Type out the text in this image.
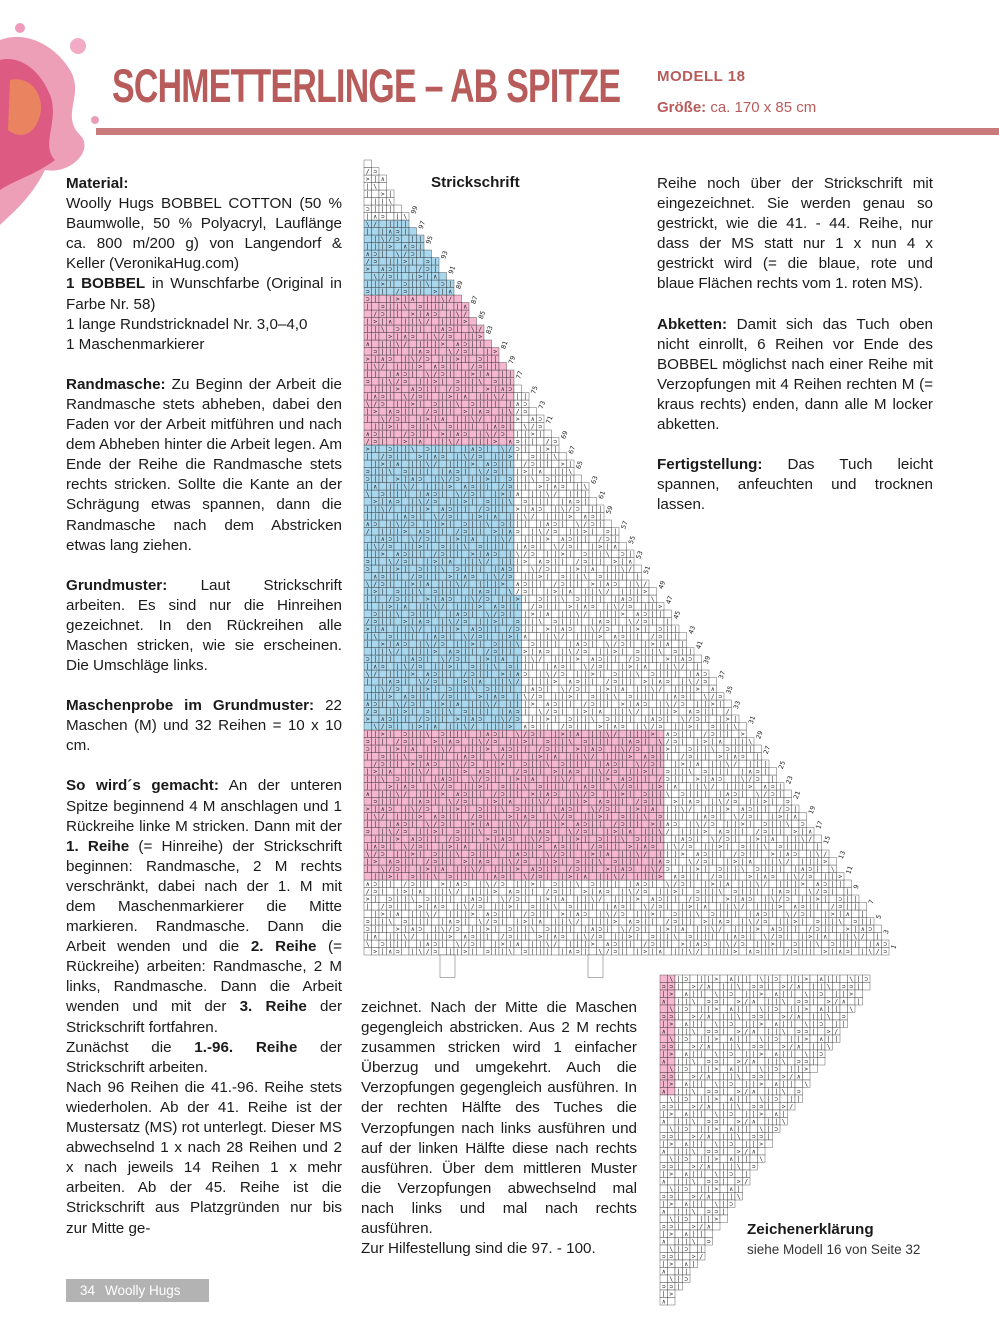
SCHMETTERLINGE – AB SPITZE MODELL 18
Größe: ca. 170 x 85 cm

Material:
Woolly Hugs BOBBEL COTTON (50 % Baumwolle, 50 % Polyacryl, Lauflänge ca. 800 m/200 g) von Langendorf & Keller (VeronikaHug.com)
1 BOBBEL in Wunschfarbe (Original in Farbe Nr. 58)
1 lange Rundstricknadel Nr. 3,0–4,0
1 Maschenmarkierer

Randmasche: Zu Beginn der Arbeit die Randmasche stets abheben, dabei den Faden vor der Arbeit mitführen und nach dem Abheben hinter die Arbeit legen. Am Ende der Reihe die Randmasche stets rechts stricken. Sollte die Kante an der Schrägung etwas spannen, dann die Randmasche nach dem Abstricken etwas lang ziehen.

Grundmuster: Laut Strickschrift arbeiten. Es sind nur die Hinreihen gezeichnet. In den Rückreihen alle Maschen stricken, wie sie erscheinen. Die Umschläge links.

Maschenprobe im Grundmuster: 22 Maschen (M) und 32 Reihen = 10 x 10 cm.

So wird´s gemacht: An der unteren Spitze beginnend 4 M anschlagen und 1 Rückreihe linke M stricken. Dann mit der 1. Reihe (= Hinreihe) der Strickschrift beginnen: Randmasche, 2 M rechts verschränkt, dabei nach der 1. M mit dem Maschenmarkierer die Mitte markieren. Randmasche. Dann die Arbeit wenden und die 2. Reihe (= Rückreihe) arbeiten: Randmasche, 2 M links, Randmasche. Dann die Arbeit wenden und mit der 3. Reihe der Strickschrift fortfahren.

Zunächst die 1.-96. Reihe der Strickschrift arbeiten.

Nach 96 Reihen die 41.-96. Reihe stets wiederholen. Ab der 41. Reihe ist der Mustersatz (MS) rot unterlegt. Dieser MS abwechselnd 1 x nach 28 Reihen und 2 x nach jeweils 14 Reihen 1 x mehr arbeiten. Ab der 45. Reihe ist die Strickschrift aus Platzgründen nur bis zur Mitte ge-

Strickschrift
> | ∧ ⊃ | \ / ⊃ | | > | ⊃ | | \ ⊃ | | | | ∧ ⊃ | \ / ⊃ | | > | ∧ | | \ / | | | > ∧ ⊃ | | / ⊃ | | > | ∧ ⊃ | \ / ⊃
\ ⊃ | | | | ∧ ⊃ | \ / ⊃ | | > | ∧ | | \ / | | | > ∧ ⊃ | | / ⊃ | | > | ∧ ⊃ | \ / ⊃ | | > | ⊃ | | \ ⊃ | | | | ∧ ⊃
| ∧ | | \ / | | | > ∧ ⊃ | | / ⊃ | | > | ∧ ⊃ | \ / ⊃ | | > | ⊃ | | \ ⊃ | | | | ∧ ⊃ | \ / ⊃ | | > | ∧ | | \ / |
⊃ | | > | ∧ ⊃ | \ / ⊃ | | > | ⊃ | | \ ⊃ | | | | ∧ ⊃ | \ / ⊃ | | > | ∧ | | \ / | | | > ∧ ⊃ | | / ⊃ | | > | ∧ ⊃
⊃ | | \ ⊃ | | | | ∧ ⊃ | \ / ⊃ | | > | ∧ | | \ / | | | > ∧ ⊃ | | / ⊃ | | > | ∧ ⊃ | \ / ⊃ | | > | ⊃ | | \ ⊃ | |
| > | ∧ | | \ / | | | > ∧ ⊃ | | / ⊃ | | > | ∧ ⊃ | \ / ⊃ | | > | ⊃ | | \ ⊃ | | | | ∧ ⊃ | \ / ⊃ | | > | ∧ |
| / ⊃ | | > | ∧ ⊃ | \ / ⊃ | | > | ⊃ | | \ ⊃ | | | | ∧ ⊃ | \ / ⊃ | | > | ∧ | | \ / | | | > ∧ ⊃ | | / ⊃ | |
> | ⊃ | | \ ⊃ | | | | ∧ ⊃ | \ / ⊃ | | > | ∧ | | \ / | | | > ∧ ⊃ | | / ⊃ | | > | ∧ ⊃ | \ / ⊃ | | > | ⊃ | |
/ ⊃ | | > | ∧ | | \ / | | | > ∧ ⊃ | | / ⊃ | | > | ∧ ⊃ | \ / ⊃ | | > | ⊃ | | \ ⊃ | | | | ∧ ⊃ | \ / ⊃ | |
∧ ⊃ | | / ⊃ | | > | ∧ ⊃ | \ / ⊃ | | > | ⊃ | | \ ⊃ | | | | ∧ ⊃ | \ / ⊃ | | > | ∧ | | \ / | | | > ∧ ⊃ | |
| | > | ⊃ | | \ ⊃ | | | | ∧ ⊃ | \ / ⊃ | | > | ∧ | | \ / | | | > ∧ ⊃ | | / ⊃ | | > | ∧ ⊃ | \ / ⊃ | | >
| \ / ⊃ | | > | ∧ | | \ / | | | > ∧ ⊃ | | / ⊃ | | > | ∧ ⊃ | \ / ⊃ | | > | ⊃ | | \ ⊃ | | | | ∧ ⊃ | \
| > ∧ ⊃ | | / ⊃ | | > | ∧ ⊃ | \ / ⊃ | | > | ⊃ | | \ ⊃ | | | | ∧ ⊃ | \ / ⊃ | | > | ∧ | | \ / | | | >
\ / ⊃ | | > | ⊃ | | \ ⊃ | | | | ∧ ⊃ | \ / ⊃ | | > | ∧ | | \ / | | | > ∧ ⊃ | | / ⊃ | | > | ∧ ⊃ | \ /
| ∧ ⊃ | \ / ⊃ | | > | ∧ | | \ / | | | > ∧ ⊃ | | / ⊃ | | > | ∧ ⊃ | \ / ⊃ | | > | ⊃ | | \ ⊃ | | | |
| | | > ∧ ⊃ | | / ⊃ | | > | ∧ ⊃ | \ / ⊃ | | > | ⊃ | | \ ⊃ | | | | ∧ ⊃ | \ / ⊃ | | > | ∧ | | \ /
⊃ | \ / ⊃ | | > | ⊃ | | \ ⊃ | | | | ∧ ⊃ | \ / ⊃ | | > | ∧ | | \ / | | | > ∧ ⊃ | | / ⊃ | | > | ∧
| | | ∧ ⊃ | \ / ⊃ | | > | ∧ | | \ / | | | > ∧ ⊃ | | / ⊃ | | > | ∧ ⊃ | \ / ⊃ | | > | ⊃ | | \ ⊃
| \ / | | | > ∧ ⊃ | | / ⊃ | | > | ∧ ⊃ | \ / ⊃ | | > | ⊃ | | \ ⊃ | | | | ∧ ⊃ | \ / ⊃ | | > | ∧
> | ∧ ⊃ | \ / ⊃ | | > | ⊃ | | \ ⊃ | | | | ∧ ⊃ | \ / ⊃ | | > | ∧ | | \ / | | | > ∧ ⊃ | | / ⊃ |
⊃ | | | | ∧ ⊃ | \ / ⊃ | | > | ∧ | | \ / | | | > ∧ ⊃ | | / ⊃ | | > | ∧ ⊃ | \ / ⊃ | | > | ⊃
∧ | | \ / | | | > ∧ ⊃ | | / ⊃ | | > | ∧ ⊃ | \ / ⊃ | | > | ⊃ | | \ ⊃ | | | | ∧ ⊃ | \ / ⊃ |
| | > | ∧ ⊃ | \ / ⊃ | | > | ⊃ | | \ ⊃ | | | | ∧ ⊃ | \ / ⊃ | | > | ∧ | | \ / | | | > ∧ ⊃ |
| | \ ⊃ | | | | ∧ ⊃ | \ / ⊃ | | > | ∧ | | \ / | | | > ∧ ⊃ | | / ⊃ | | > | ∧ ⊃ | \ / ⊃ |
| > | ∧ | | \ / | | | > ∧ ⊃ | | / ⊃ | | > | ∧ ⊃ | \ / ⊃ | | > | ⊃ | | \ ⊃ | | | | ∧ ⊃ |
/ ⊃ | | > | ∧ ⊃ | \ / ⊃ | | > | ⊃ | | \ ⊃ | | | | ∧ ⊃ | \ / ⊃ | | > | ∧ | | \ / | | |
| ⊃ | | \ ⊃ | | | | ∧ ⊃ | \ / ⊃ | | > | ∧ | | \ / | | | > ∧ ⊃ | | / ⊃ | | > | ∧ ⊃ |
⊃ | | > | ∧ | | \ / | | | > ∧ ⊃ | | / ⊃ | | > | ∧ ⊃ | \ / ⊃ | | > | ⊃ | | \ ⊃ | | |
⊃ | | / ⊃ | | > | ∧ ⊃ | \ / ⊃ | | > | ⊃ | | \ ⊃ | | | | ∧ ⊃ | \ / ⊃ | | > | ∧ | | \
| | > | ⊃ | | \ ⊃ | | | | ∧ ⊃ | \ / ⊃ | | > | ∧ | | \ / | | | > ∧ ⊃ | | / ⊃ | | >
\ / ⊃ | | > | ∧ | | \ / | | | > ∧ ⊃ | | / ⊃ | | > | ∧ ⊃ | \ / ⊃ | | > | ⊃ | | \
> ∧ ⊃ | | / ⊃ | | > | ∧ ⊃ | \ / ⊃ | | > | ⊃ | | \ ⊃ | | | | ∧ ⊃ | \ / ⊃ | | > |
/ ⊃ | | > | ⊃ | | \ ⊃ | | | | ∧ ⊃ | \ / ⊃ | | > | ∧ | | \ / | | | > ∧ ⊃ | | /
∧ ⊃ | \ / ⊃ | | > | ∧ | | \ / | | | > ∧ ⊃ | | / ⊃ | | > | ∧ ⊃ | \ / ⊃ | | > |
| | | > ∧ ⊃ | | / ⊃ | | > | ∧ ⊃ | \ / ⊃ | | > | ⊃ | | \ ⊃ | | | | ∧ ⊃ | \ / ⊃
| \ / ⊃ | | > | ⊃ | | \ ⊃ | | | | ∧ ⊃ | \ / ⊃ | | > | ∧ | | \ / | | | > ∧
| | ∧ ⊃ | \ / ⊃ | | > | ∧ | | \ / | | | > ∧ ⊃ | | / ⊃ | | > | ∧ ⊃ | \ / ⊃
\ / | | | > ∧ ⊃ | | / ⊃ | | > | ∧ ⊃ | \ / ⊃ | | > | ⊃ | | \ ⊃ | | | | ∧ ⊃
| ∧ ⊃ | \ / ⊃ | | > | ⊃ | | \ ⊃ | | | | ∧ ⊃ | \ / ⊃ | | > | ∧ | | \ / |
⊃ | | | | ∧ ⊃ | \ / ⊃ | | > | ∧ | | \ / | | | > ∧ ⊃ | | / ⊃ | | > | ∧ ⊃
| | \ / | | | > ∧ ⊃ | | / ⊃ | | > | ∧ ⊃ | \ / ⊃ | | > | ⊃ | | \ ⊃ | |
| > | ∧ ⊃ | \ / ⊃ | | > | ⊃ | | \ ⊃ | | | | ∧ ⊃ | \ / ⊃ | | > | ∧ |
| \ ⊃ | | | | ∧ ⊃ | \ / ⊃ | | > | ∧ | | \ / | | | > ∧ ⊃ | | / ⊃ | |
> | ∧ | | \ / | | | > ∧ ⊃ | | / ⊃ | | > | ∧ ⊃ | \ / ⊃ | | > | ⊃ | |
/ ⊃ | | > | ∧ ⊃ | \ / ⊃ | | > | ⊃ | | \ ⊃ | | | | ∧ ⊃ | \ / ⊃ | |
⊃ | | \ ⊃ | | | | ∧ ⊃ | \ / ⊃ | | > | ∧ | | \ / | | | > ∧ ⊃ | |
| | > | ∧ | | \ / | | | > ∧ ⊃ | | / ⊃ | | > | ∧ ⊃ | \ / ⊃ | | >
| | / ⊃ | | > | ∧ ⊃ | \ / ⊃ | | > | ⊃ | | \ ⊃ | | | | ∧ ⊃ | \
| > | ⊃ | | \ ⊃ | | | | ∧ ⊃ | \ / ⊃ | | > | ∧ | | \ / | | | >
\ / ⊃ | | > | ∧ | | \ / | | | > ∧ ⊃ | | / ⊃ | | > | ∧ ⊃ | \ /
∧ ⊃ | | / ⊃ | | > | ∧ ⊃ | \ / ⊃ | | > | ⊃ | | \ ⊃ | | | |
⊃ | | > | ⊃ | | \ ⊃ | | | | ∧ ⊃ | \ / ⊃ | | > | ∧ | | \ /
⊃ | \ / ⊃ | | > | ∧ | | \ / | | | > ∧ ⊃ | | / ⊃ | | > | ∧
| | > ∧ ⊃ | | / ⊃ | | > | ∧ ⊃ | \ / ⊃ | | > | ⊃ | | \ ⊃ |
| \ / ⊃ | | > | ⊃ | | \ ⊃ | | | | ∧ ⊃ | \ / ⊃ | | > | ∧
| ∧ ⊃ | \ / ⊃ | | > | ∧ | | \ / | | | > ∧ ⊃ | | / ⊃ |
/ | | | > ∧ ⊃ | | / ⊃ | | > | ∧ ⊃ | \ / ⊃ | | > | ⊃ |
∧ ⊃ | \ / ⊃ | | > | ⊃ | | \ ⊃ | | | | ∧ ⊃ | \ / ⊃ |
| | | | ∧ ⊃ | \ / ⊃ | | > | ∧ | | \ / | | | > ∧ ⊃ |
| | \ / | | | > ∧ ⊃ | | / ⊃ | | > | ∧ ⊃ | \ / ⊃ | |
> | ∧ ⊃ | \ / ⊃ | | > | ⊃ | | \ ⊃ | | | | ∧ ⊃ |
\ ⊃ | | | | ∧ ⊃ | \ / ⊃ | | > | ∧ | | \ / | | |
| ∧ | | \ / | | | > ∧ ⊃ | | / ⊃ | | > | ∧ ⊃ | \
⊃ | | > | ∧ ⊃ | \ / ⊃ | | > | ⊃ | | \ ⊃ | | |
⊃ | | \ ⊃ | | | | ∧ ⊃ | \ / ⊃ | | > | ∧ | | \
| > | ∧ | | \ / | | | > ∧ ⊃ | | / ⊃ | | > |
| / ⊃ | | > | ∧ ⊃ | \ / ⊃ | | > | ⊃ | | \
> | ⊃ | | \ ⊃ | | | | ∧ ⊃ | \ / ⊃ | | > |
/ ⊃ | | > | ∧ | | \ / | | | > ∧ ⊃ | | / ⊃
∧ ⊃ | | / ⊃ | | > | ∧ ⊃ | \ / ⊃ | | > |
| | > | ⊃ | | \ ⊃ | | | | ∧ ⊃ | \ / ⊃
| \ / ⊃ | | > | ∧ | | \ / | | | > ∧ ⊃
| > ∧ ⊃ | | / ⊃ | | > | ∧ ⊃ | \ / ⊃
\ / ⊃ | | > | ⊃ | | \ ⊃ | | | | ∧ ⊃
| ∧ ⊃ | \ / ⊃ | | > | ∧ | | \ / | |
| | | > ∧ ⊃ | | / ⊃ | | > | ∧ ⊃
⊃ | \ / ⊃ | | > | ⊃ | | \ ⊃ | |
| | | ∧ ⊃ | \ / ⊃ | | > | ∧ | |
| \ / | | | > ∧ ⊃ | | / ⊃ | |
> | ∧ ⊃ | \ / ⊃ | | > | ⊃ | |
⊃ | | | | ∧ ⊃ | \ / ⊃ | | >
∧ | | \ / | | | > ∧ ⊃ | |
| | > | ∧ ⊃ | \ / ⊃ | | >
| | \ ⊃ | | | | ∧ ⊃ | \ /
| > | ∧ | | \ / | | | >
/ ⊃ | | > | ∧ ⊃ | \ /
| ⊃ | | \ ⊃ | | | | ∧
⊃ | | > | ∧ | | \ /
⊃ | | / ⊃ | | > | ∧
| | > | ⊃ | | \ ⊃ |
\ / ⊃ | | > | ∧
> ∧ ⊃ | | / ⊃ |
/ ⊃ | | > | ⊃ |
∧ ⊃ | \ / ⊃ |
| | | > ∧ ⊃ |
| \ / ⊃ | |
| | ∧ ⊃ |
\ / | | |
| ∧ ⊃ | \
⊃ | | |
| | \
| > |
| \
> | ∧
/ ⊃
\ | ⊃ | | > ∧ | | \ | ⊃ | | > ∧ | | \ | ⊃
⊃ ⊃ | > / ∧ | | \ ⊃ ⊃ | > / ∧ | | \ ⊃ ⊃ |
| > ∧ | | \ | ⊃ | | > ∧ | | \ | ⊃ | | >
∧ | | \ ⊃ ⊃ | > / ∧ | | \ ⊃ ⊃ | > / ∧ |
\ | ⊃ | | > ∧ | | \ | ⊃ | | > ∧ | | \
⊃ ⊃ | > / ∧ | | \ ⊃ ⊃ | > / ∧ | | \ ⊃
| > ∧ | | \ | ⊃ | | > ∧ | | \ | ⊃ | |
∧ | | \ ⊃ ⊃ | > / ∧ | | \ ⊃ ⊃ | > /
\ | ⊃ | | > ∧ | | \ | ⊃ | | > ∧ | |
⊃ ⊃ | > / ∧ | | \ ⊃ ⊃ | > / ∧ | | \
| > ∧ | | \ | ⊃ | | > ∧ | | \ | ⊃
∧ | | \ ⊃ ⊃ | > / ∧ | | \ ⊃ ⊃ |
\ | ⊃ | | > ∧ | | \ | ⊃ | | >
⊃ ⊃ | > / ∧ | | \ ⊃ ⊃ | > / ∧
| > ∧ | | \ | ⊃ | | > ∧ | | \
∧ | | \ ⊃ ⊃ | > / ∧ | | \ ⊃
\ | ⊃ | | > ∧ | | \ | ⊃ | |
⊃ ⊃ | > / ∧ | | \ ⊃ ⊃ | > /
| > ∧ | | \ | ⊃ | | > ∧ |
∧ | | \ ⊃ ⊃ | > / ∧ | | \
\ | ⊃ | | > ∧ | | \ | ⊃
⊃ ⊃ | > / ∧ | | \ ⊃ ⊃ |
| > ∧ | | \ | ⊃ | | >
∧ | | \ ⊃ ⊃ | > / ∧
\ | ⊃ | | > ∧ | | \
⊃ ⊃ | > / ∧ | | \ ⊃
| > ∧ | | \ | ⊃ |
∧ | | \ ⊃ ⊃ | > /
\ | ⊃ | | > ∧ |
⊃ ⊃ | > / ∧ | | \
| > ∧ | | \ | ⊃
∧ | | \ ⊃ ⊃ |
\ | ⊃ | | >
⊃ ⊃ | > / ∧
| > ∧ | |
∧ | | \ ⊃
\ | ⊃ |
⊃ ⊃ | > /
| > ∧ |
∧ | |
\ | ⊃
⊃ ⊃ |
| >
∧
1
3
5
7
9
11
13
15
17
19
21
23
25
27
29
31
33
35
37
39
41
43
45
47
49
51
53
55
57
59
61
63
65
67
69
71
73
75
77
79
81
83
85
87
89
91
93
95
97
99

zeichnet. Nach der Mitte die Maschen gegengleich abstricken. Aus 2 M rechts zusammen stricken wird 1 einfacher Überzug und umgekehrt. Auch die Verzopfungen gegengleich ausführen. In der rechten Hälfte des Tuches die Verzopfungen nach links ausführen und auf der linken Hälfte diese nach rechts ausführen. Über dem mittleren Muster die Verzopfungen abwechselnd mal nach links und mal nach rechts ausführen.

Zur Hilfestellung sind die 97. - 100.

Reihe noch über der Strickschrift mit eingezeichnet. Sie werden genau so gestrickt, wie die 41. - 44. Reihe, nur dass der MS statt nur 1 x nun 4 x gestrickt wird (= die blaue, rote und blaue Flächen rechts vom 1. roten MS).

Abketten: Damit sich das Tuch oben nicht einrollt, 6 Reihen vor Ende des BOBBEL möglichst nach einer Reihe mit Verzopfungen mit 4 Reihen rechten M (= kraus rechts) enden, dann alle M locker abketten.

Fertigstellung: Das Tuch leicht spannen, anfeuchten und trocknen lassen.

Zeichenerklärung
siehe Modell 16 von Seite 32
34 Woolly Hugs
